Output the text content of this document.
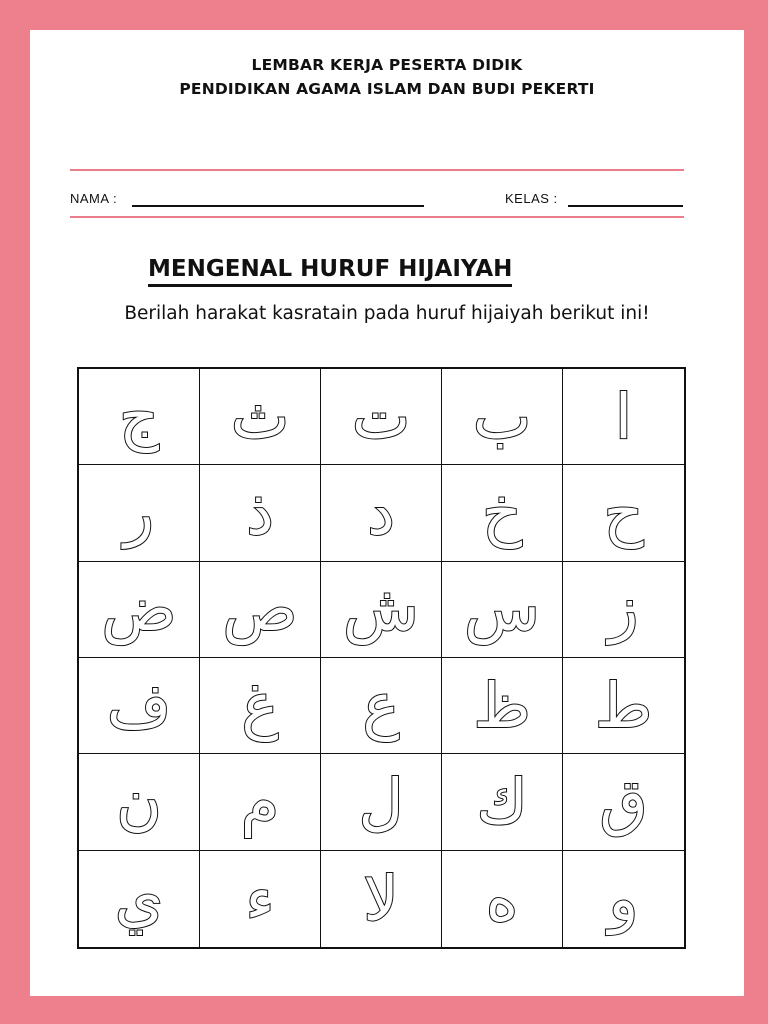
LEMBAR KERJA PESERTA DIDIK
PENDIDIKAN AGAMA ISLAM DAN BUDI PEKERTI
NAMA :	KELAS :
MENGENAL HURUF HIJAIYAH
Berilah harakat kasratain pada huruf hijaiyah berikut ini!
ج ث ت ب ا
ر ذ د خ ح
ض ص ش س ز
ف غ ع ظ ط
ن م ل ك ق
ي ء لا ه و
